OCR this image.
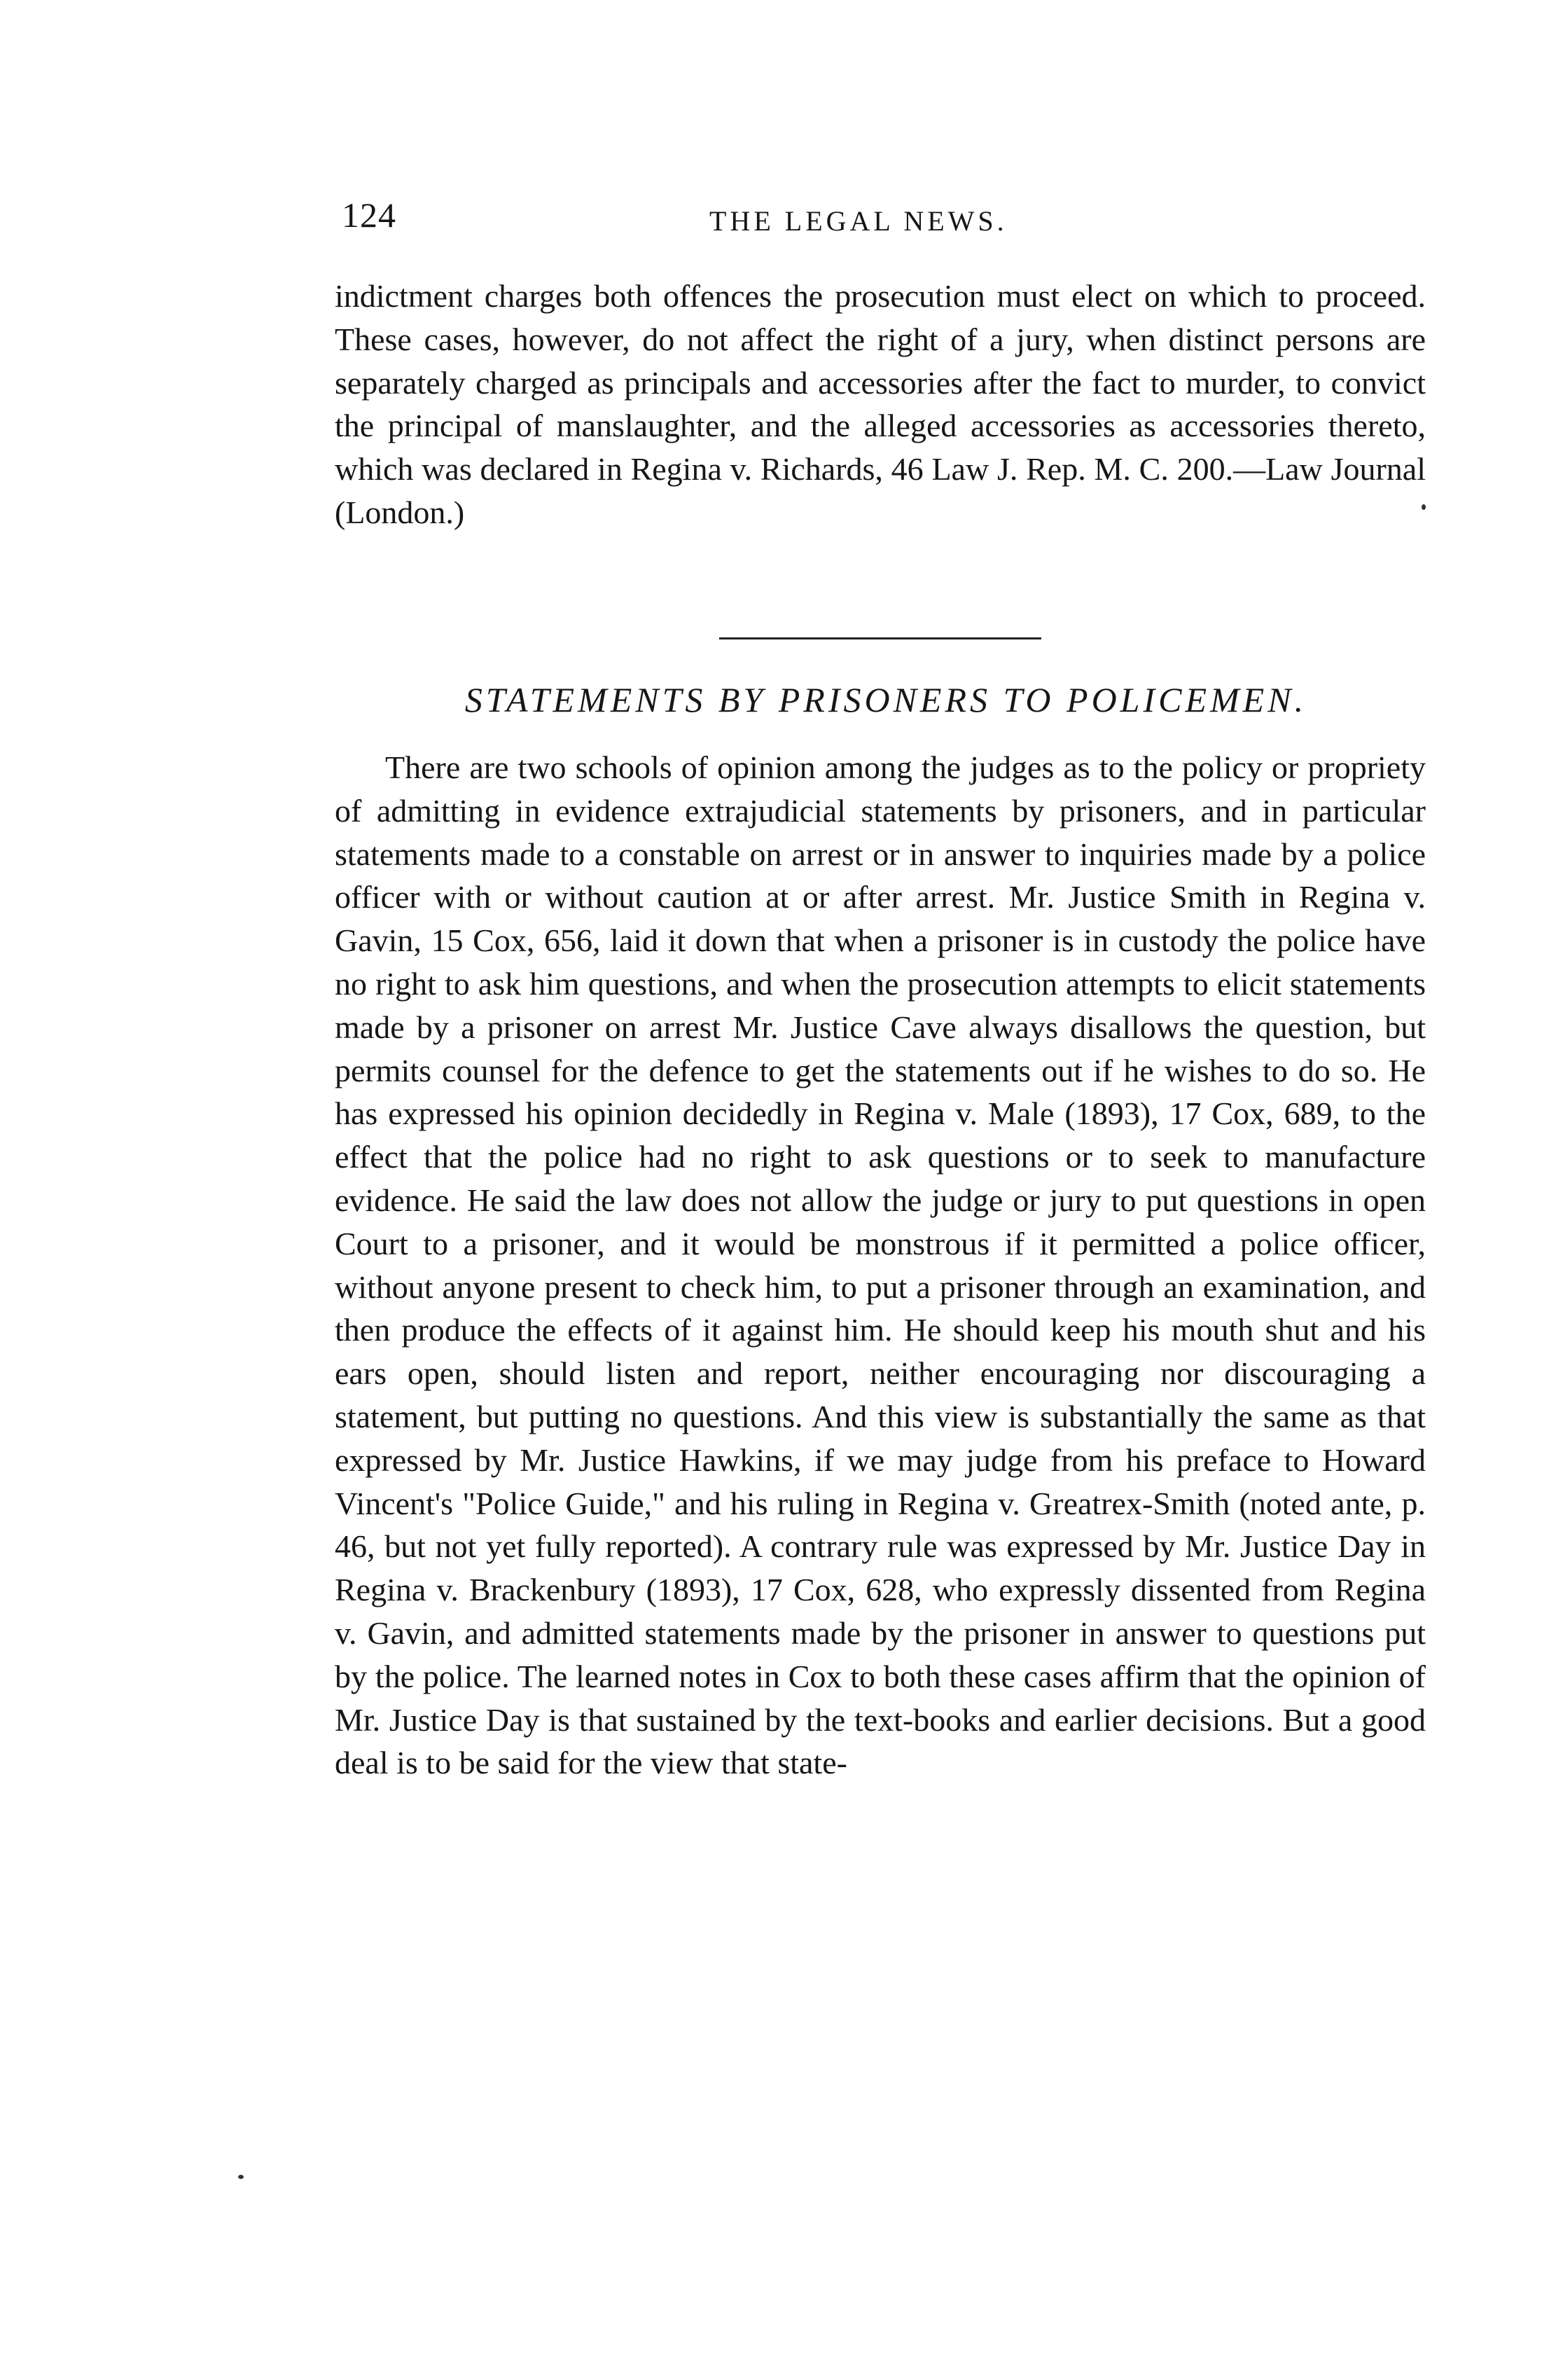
124	THE LEGAL NEWS.

indictment charges both offences the prosecution must elect on which to proceed. These cases, however, do not affect the right of a jury, when distinct persons are separately charged as principals and accessories after the fact to murder, to convict the principal of manslaughter, and the alleged accessories as accessories thereto, which was declared in Regina v. Richards, 46 Law J. Rep. M. C. 200.—Law Journal (London.)

STATEMENTS BY PRISONERS TO POLICEMEN.

There are two schools of opinion among the judges as to the policy or propriety of admitting in evidence extrajudicial statements by prisoners, and in particular statements made to a constable on arrest or in answer to inquiries made by a police officer with or without caution at or after arrest. Mr. Justice Smith in Regina v. Gavin, 15 Cox, 656, laid it down that when a prisoner is in custody the police have no right to ask him questions, and when the prosecution attempts to elicit statements made by a prisoner on arrest Mr. Justice Cave always disallows the question, but permits counsel for the defence to get the statements out if he wishes to do so. He has expressed his opinion decidedly in Regina v. Male (1893), 17 Cox, 689, to the effect that the police had no right to ask questions or to seek to manufacture evidence. He said the law does not allow the judge or jury to put questions in open Court to a prisoner, and it would be monstrous if it permitted a police officer, without anyone present to check him, to put a prisoner through an examination, and then produce the effects of it against him. He should keep his mouth shut and his ears open, should listen and report, neither encouraging nor discouraging a statement, but putting no questions. And this view is substantially the same as that expressed by Mr. Justice Hawkins, if we may judge from his preface to Howard Vincent's "Police Guide," and his ruling in Regina v. Greatrex-Smith (noted ante, p. 46, but not yet fully reported). A contrary rule was expressed by Mr. Justice Day in Regina v. Brackenbury (1893), 17 Cox, 628, who expressly dissented from Regina v. Gavin, and admitted statements made by the prisoner in answer to questions put by the police. The learned notes in Cox to both these cases affirm that the opinion of Mr. Justice Day is that sustained by the text-books and earlier decisions. But a good deal is to be said for the view that state-
